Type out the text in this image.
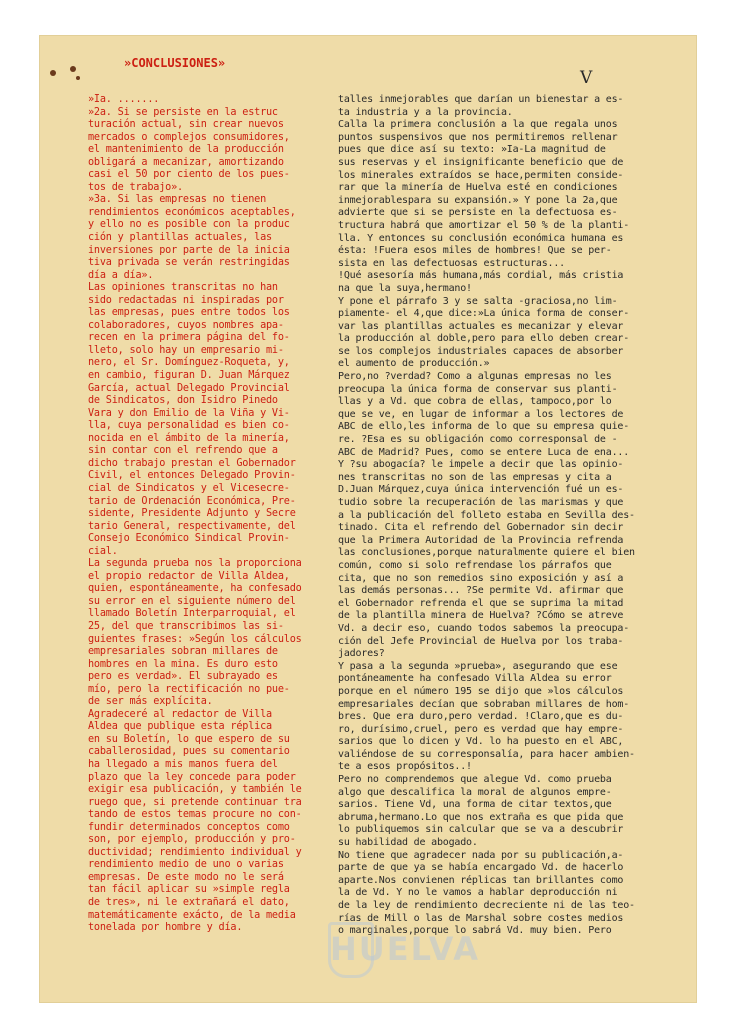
»CONCLUSIONES»
V
»Ia. .......
»2a. Si se persiste en la estruc
turación actual, sin crear nuevos
mercados o complejos consumidores,
el mantenimiento de la producción
obligará a mecanizar, amortizando
casi el 50 por ciento de los pues-
tos de trabajo».
»3a. Si las empresas no tienen
rendimientos económicos aceptables,
y ello no es posible con la produc
ción y plantillas actuales, las
inversiones por parte de la inicia
tiva privada se verán restringidas
día a día».
Las opiniones transcritas no han
sido redactadas ni inspiradas por
las empresas, pues entre todos los
colaboradores, cuyos nombres apa-
recen en la primera página del fo-
lleto, solo hay un empresario mi-
nero, el Sr. Domínguez-Roqueta, y,
en cambio, figuran D. Juan Márquez
García, actual Delegado Provincial
de Sindicatos, don Isidro Pinedo
Vara y don Emilio de la Viña y Vi-
lla, cuya personalidad es bien co-
nocida en el ámbito de la minería,
sin contar con el refrendo que a
dicho trabajo prestan el Gobernador
Civil, el entonces Delegado Provin-
cial de Sindicatos y el Vicesecre-
tario de Ordenación Económica, Pre-
sidente, Presidente Adjunto y Secre
tario General, respectivamente, del
Consejo Económico Sindical Provin-
cial.
La segunda prueba nos la proporciona
el propio redactor de Villa Aldea,
quien, espontáneamente, ha confesado
su error en el siguiente número del
llamado Boletín Interparroquial, el
25, del que transcribimos las si-
guientes frases: »Según los cálculos
empresariales sobran millares de
hombres en la mina. Es duro esto
pero es verdad». El subrayado es
mío, pero la rectificación no pue-
de ser más explícita.
Agradeceré al redactor de Villa
Aldea que publique esta réplica
en su Boletín, lo que espero de su
caballerosidad, pues su comentario
ha llegado a mis manos fuera del
plazo que la ley concede para poder
exigir esa publicación, y también le
ruego que, si pretende continuar tra
tando de estos temas procure no con-
fundir determinados conceptos como
son, por ejemplo, producción y pro-
ductividad; rendimiento individual y
rendimiento medio de uno o varias
empresas. De este modo no le será
tan fácil aplicar su »simple regla
de tres», ni le extrañará el dato,
matemáticamente exácto, de la media
tonelada por hombre y día.
talles inmejorables que darían un bienestar a es-
ta industria y a la provincia.
Calla la primera conclusión a la que regala unos
puntos suspensivos que nos permitiremos rellenar
pues que dice así su texto: »Ia-La magnitud de
sus reservas y el insignificante beneficio que de
los minerales extraídos se hace,permiten conside-
rar que la minería de Huelva esté en condiciones
inmejorablespara su expansión.» Y pone la 2a,que
advierte que si se persiste en la defectuosa es-
tructura habrá que amortizar el 50 % de la planti-
lla. Y entonces su conclusión económica humana es
ésta: !Fuera esos miles de hombres! Que se per-
sista en las defectuosas estructuras...
!Qué asesoría más humana,más cordial, más cristia
na que la suya,hermano!
Y pone el párrafo 3 y se salta -graciosa,no lim-
piamente- el 4,que dice:»La única forma de conser-
var las plantillas actuales es mecanizar y elevar
la producción al doble,pero para ello deben crear-
se los complejos industriales capaces de absorber
el aumento de producción.»
Pero,no ?verdad? Como a algunas empresas no les
preocupa la única forma de conservar sus planti-
llas y a Vd. que cobra de ellas, tampoco,por lo
que se ve, en lugar de informar a los lectores de
ABC de ello,les informa de lo que su empresa quie-
re. ?Esa es su obligación como corresponsal de -
ABC de Madrid? Pues, como se entere Luca de ena...
Y ?su abogacía? le impele a decir que las opinio-
nes transcritas no son de las empresas y cita a
D.Juan Márquez,cuya única intervención fué un es-
tudio sobre la recuperación de las marismas y que
a la publicación del folleto estaba en Sevilla des-
tinado. Cita el refrendo del Gobernador sin decir
que la Primera Autoridad de la Provincia refrenda
las conclusiones,porque naturalmente quiere el bien
común, como si solo refrendase los párrafos que
cita, que no son remedios sino exposición y así a
las demás personas... ?Se permite Vd. afirmar que
el Gobernador refrenda el que se suprima la mitad
de la plantilla minera de Huelva? ?Cómo se atreve
Vd. a decir eso, cuando todos sabemos la preocupa-
ción del Jefe Provincial de Huelva por los traba-
jadores?
Y pasa a la segunda »prueba», asegurando que ese
pontáneamente ha confesado Villa Aldea su error
porque en el número 195 se dijo que »los cálculos
empresariales decían que sobraban millares de hom-
bres. Que era duro,pero verdad. !Claro,que es du-
ro, durísimo,cruel, pero es verdad que hay empre-
sarios que lo dicen y Vd. lo ha puesto en el ABC,
valiéndose de su corresponsalía, para hacer ambien-
te a esos propósitos..!
Pero no comprendemos que alegue Vd. como prueba
algo que descalifica la moral de algunos empre-
sarios. Tiene Vd, una forma de citar textos,que
abruma,hermano.Lo que nos extraña es que pida que
lo publiquemos sin calcular que se va a descubrir
su habilidad de abogado.
No tiene que agradecer nada por su publicación,a-
parte de que ya se había encargado Vd. de hacerlo
aparte.Nos convienen réplicas tan brillantes como
la de Vd. Y no le vamos a hablar deproducción ni
de la ley de rendimiento decreciente ni de las teo-
rías de Mill o las de Marshal sobre costes medios
o marginales,porque lo sabrá Vd. muy bien. Pero
HUELVA
